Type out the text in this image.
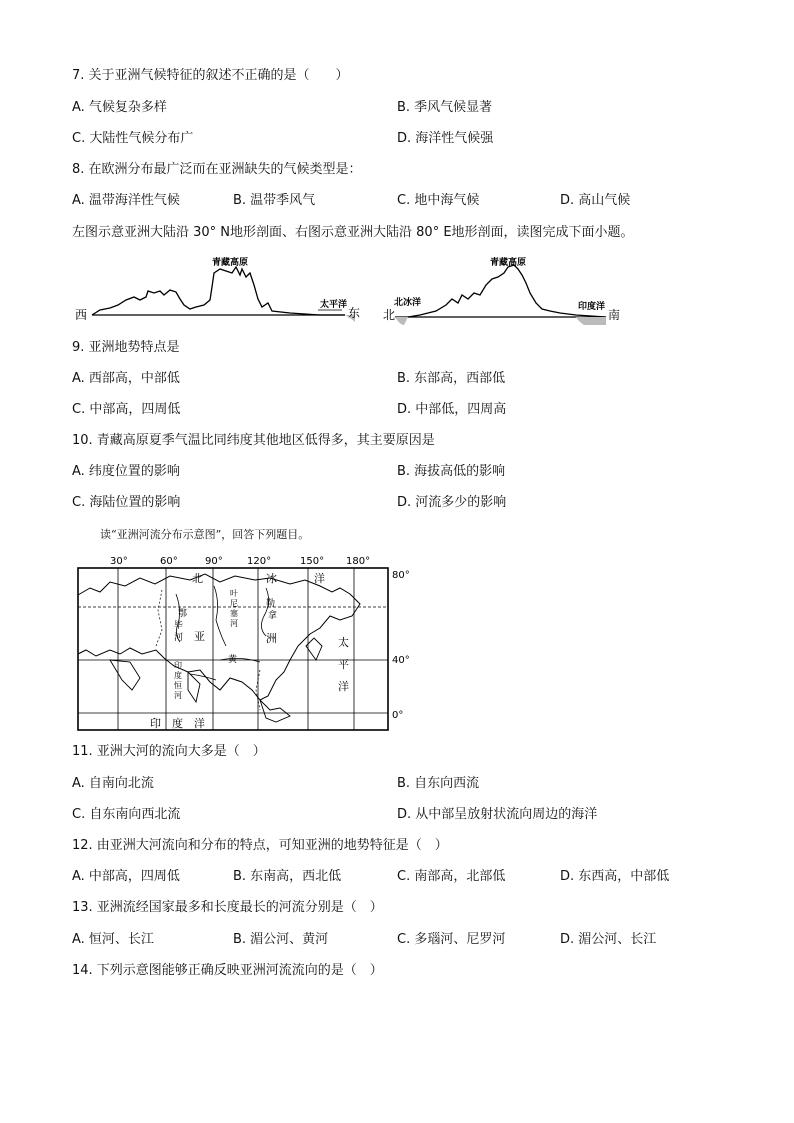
7. 关于亚洲气候特征的叙述不正确的是（　　）
A. 气候复杂多样	B. 季风气候显著
C. 大陆性气候分布广	D. 海洋性气候强
8. 在欧洲分布最广泛而在亚洲缺失的气候类型是：
A. 温带海洋性气候	B. 温带季风气	C. 地中海气候	D. 高山气候
左图示意亚洲大陆沿 30° N地形剖面、右图示意亚洲大陆沿 80° E地形剖面，读图完成下面小题。
青藏高原
西	东
太平洋
青藏高原
北	南
北冰洋	印度洋
9. 亚洲地势特点是
A. 西部高，中部低	B. 东部高，西部低
C. 中部高，四周低	D. 中部低，四周高
10. 青藏高原夏季气温比同纬度其他地区低得多，其主要原因是
A. 纬度位置的影响	B. 海拔高低的影响
C. 海陆位置的影响	D. 河流多少的影响
读“亚洲河流分布示意图”，回答下列题目。
30°	60°	90° 120°	150° 180°
80°
40°
0°
北	冰	洋
鄂
毕
河 亚
叶
尼
塞
河
勒
拿
洲	太
平
洋
黄
印
度
恒
河
印　度　洋
11. 亚洲大河的流向大多是（　）
A. 自南向北流	B. 自东向西流
C. 自东南向西北流	D. 从中部呈放射状流向周边的海洋
12. 由亚洲大河流向和分布的特点，可知亚洲的地势特征是（　）
A. 中部高，四周低	B. 东南高，西北低	C. 南部高，北部低	D. 东西高，中部低
13. 亚洲流经国家最多和长度最长的河流分别是（　）
A. 恒河、长江	B. 湄公河、黄河	C. 多瑙河、尼罗河	D. 湄公河、长江
14. 下列示意图能够正确反映亚洲河流流向的是（　）
